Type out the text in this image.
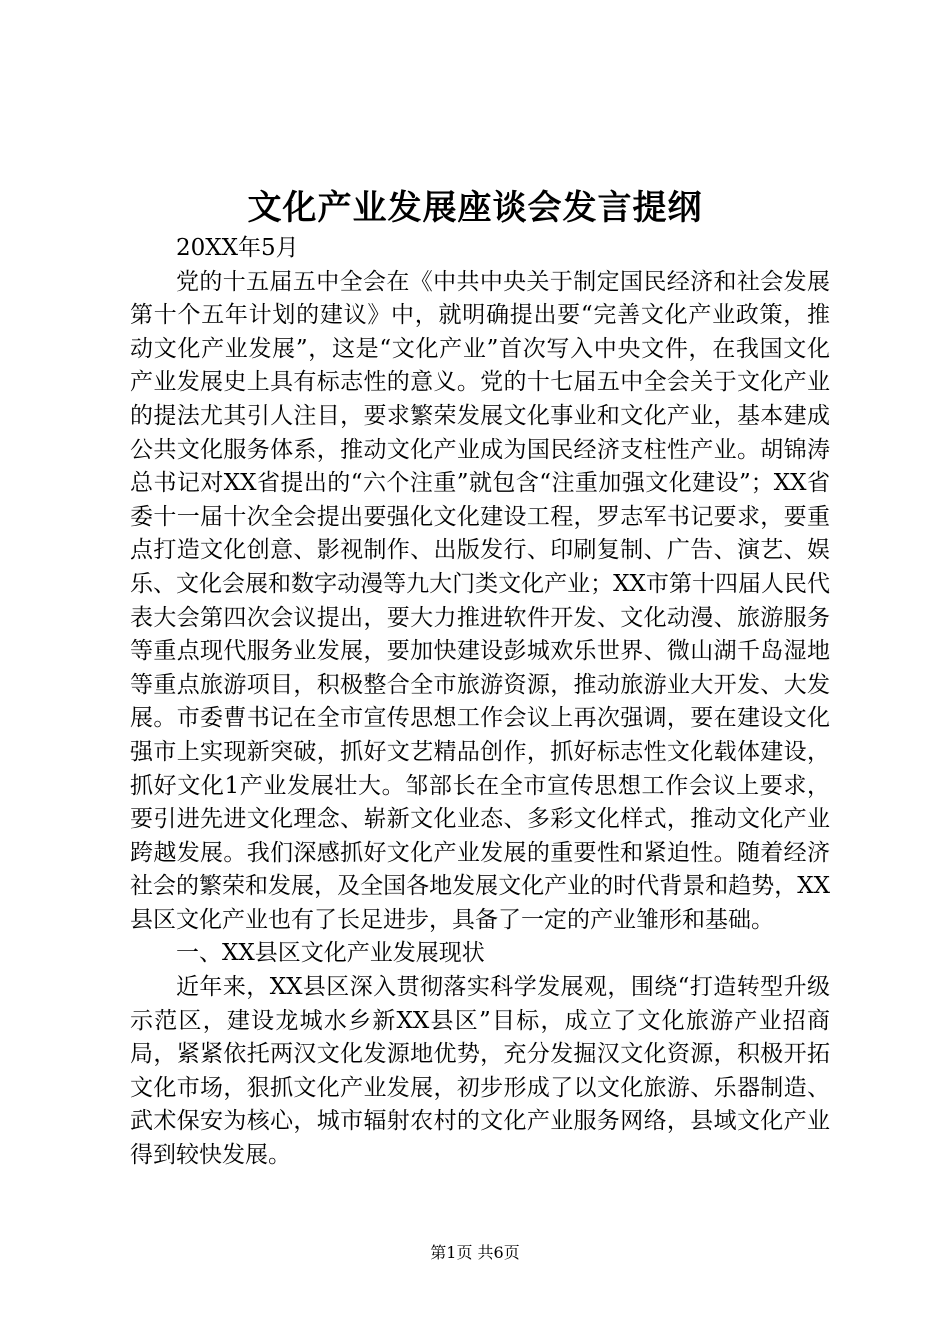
文化产业发展座谈会发言提纲

20XX年5月

党的十五届五中全会在《中共中央关于制定国民经济和社会发展第十个五年计划的建议》中，就明确提出要“完善文化产业政策，推动文化产业发展”，这是“文化产业”首次写入中央文件，在我国文化产业发展史上具有标志性的意义。党的十七届五中全会关于文化产业的提法尤其引人注目，要求繁荣发展文化事业和文化产业，基本建成公共文化服务体系，推动文化产业成为国民经济支柱性产业。胡锦涛总书记对XX省提出的“六个注重”就包含“注重加强文化建设”；XX省委十一届十次全会提出要强化文化建设工程，罗志军书记要求，要重点打造文化创意、影视制作、出版发行、印刷复制、广告、演艺、娱乐、文化会展和数字动漫等九大门类文化产业；XX市第十四届人民代表大会第四次会议提出，要大力推进软件开发、文化动漫、旅游服务等重点现代服务业发展，要加快建设彭城欢乐世界、微山湖千岛湿地等重点旅游项目，积极整合全市旅游资源，推动旅游业大开发、大发展。市委曹书记在全市宣传思想工作会议上再次强调，要在建设文化强市上实现新突破，抓好文艺精品创作，抓好标志性文化载体建设，抓好文化1产业发展壮大。邹部长在全市宣传思想工作会议上要求，要引进先进文化理念、崭新文化业态、多彩文化样式，推动文化产业跨越发展。我们深感抓好文化产业发展的重要性和紧迫性。随着经济社会的繁荣和发展，及全国各地发展文化产业的时代背景和趋势，XX县区文化产业也有了长足进步，具备了一定的产业雏形和基础。

一、XX县区文化产业发展现状

近年来，XX县区深入贯彻落实科学发展观，围绕“打造转型升级示范区，建设龙城水乡新XX县区”目标，成立了文化旅游产业招商局，紧紧依托两汉文化发源地优势，充分发掘汉文化资源，积极开拓文化市场，狠抓文化产业发展，初步形成了以文化旅游、乐器制造、武术保安为核心，城市辐射农村的文化产业服务网络，县域文化产业得到较快发展。

第1页 共6页
